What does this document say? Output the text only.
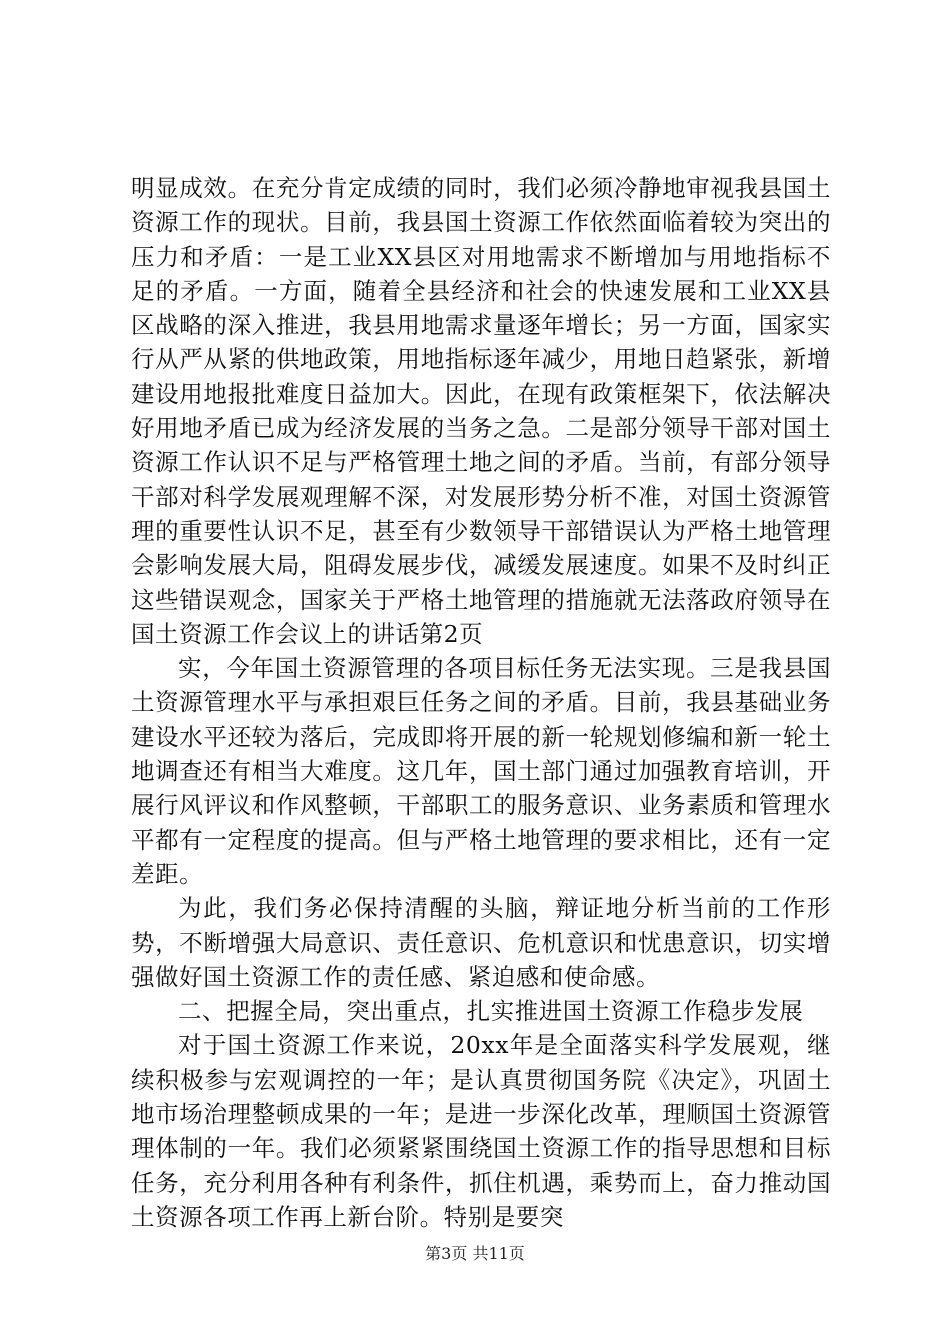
明显成效。在充分肯定成绩的同时，我们必须冷静地审视我县国土资源工作的现状。目前，我县国土资源工作依然面临着较为突出的压力和矛盾：一是工业XX县区对用地需求不断增加与用地指标不足的矛盾。一方面，随着全县经济和社会的快速发展和工业XX县区战略的深入推进，我县用地需求量逐年增长；另一方面，国家实行从严从紧的供地政策，用地指标逐年减少，用地日趋紧张，新增建设用地报批难度日益加大。因此，在现有政策框架下，依法解决好用地矛盾已成为经济发展的当务之急。二是部分领导干部对国土资源工作认识不足与严格管理土地之间的矛盾。当前，有部分领导干部对科学发展观理解不深，对发展形势分析不准，对国土资源管理的重要性认识不足，甚至有少数领导干部错误认为严格土地管理会影响发展大局，阻碍发展步伐，减缓发展速度。如果不及时纠正这些错误观念，国家关于严格土地管理的措施就无法落政府领导在国土资源工作会议上的讲话第2页

实，今年国土资源管理的各项目标任务无法实现。三是我县国土资源管理水平与承担艰巨任务之间的矛盾。目前，我县基础业务建设水平还较为落后，完成即将开展的新一轮规划修编和新一轮土地调查还有相当大难度。这几年，国土部门通过加强教育培训，开展行风评议和作风整顿，干部职工的服务意识、业务素质和管理水平都有一定程度的提高。但与严格土地管理的要求相比，还有一定差距。

为此，我们务必保持清醒的头脑，辩证地分析当前的工作形势，不断增强大局意识、责任意识、危机意识和忧患意识，切实增强做好国土资源工作的责任感、紧迫感和使命感。

二、把握全局，突出重点，扎实推进国土资源工作稳步发展

对于国土资源工作来说，20xx年是全面落实科学发展观，继续积极参与宏观调控的一年；是认真贯彻国务院《决定》，巩固土地市场治理整顿成果的一年；是进一步深化改革，理顺国土资源管理体制的一年。我们必须紧紧围绕国土资源工作的指导思想和目标任务，充分利用各种有利条件，抓住机遇，乘势而上，奋力推动国土资源各项工作再上新台阶。特别是要突

第3页 共11页
